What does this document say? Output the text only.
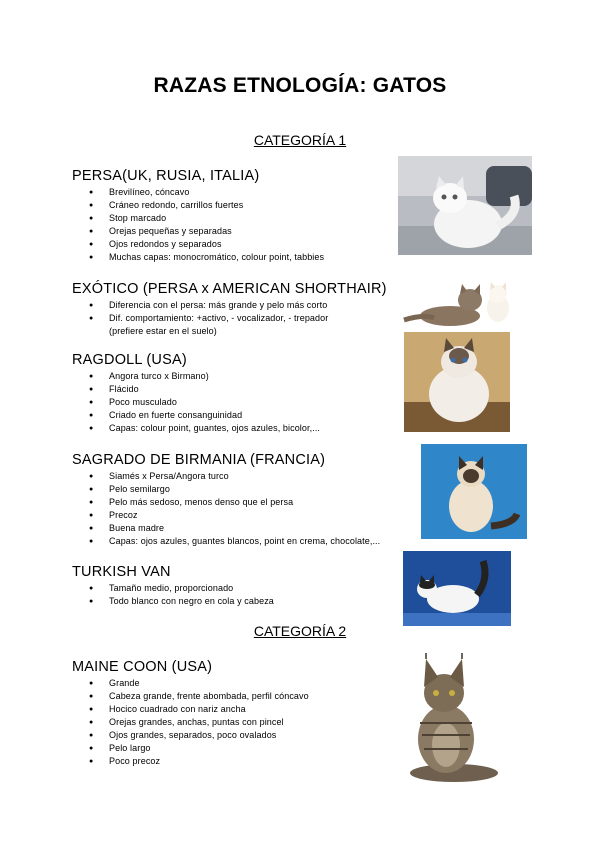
RAZAS ETNOLOGÍA: GATOS

CATEGORÍA 1

PERSA(UK, RUSIA, ITALIA)
● Brevilíneo, cóncavo
● Cráneo redondo, carrillos fuertes
● Stop marcado
● Orejas pequeñas y separadas
● Ojos redondos y separados
● Muchas capas: monocromático, colour point, tabbies
EXÓTICO (PERSA x AMERICAN SHORTHAIR)
● Diferencia con el persa: más grande y pelo más corto
● Dif. comportamiento: +activo, - vocalizador, - trepador
(prefiere estar en el suelo)
RAGDOLL (USA)
● Angora turco x Birmano)
● Flácido
● Poco musculado
● Criado en fuerte consanguinidad
● Capas: colour point, guantes, ojos azules, bicolor,...
SAGRADO DE BIRMANIA (FRANCIA)
● Siamés x Persa/Angora turco
● Pelo semilargo
● Pelo más sedoso, menos denso que el persa
● Precoz
● Buena madre
● Capas: ojos azules, guantes blancos, point en crema, chocolate,...
TURKISH VAN
● Tamaño medio, proporcionado
● Todo blanco con negro en cola y cabeza

CATEGORÍA 2

MAINE COON (USA)
● Grande
● Cabeza grande, frente abombada, perfil cóncavo
● Hocico cuadrado con nariz ancha
● Orejas grandes, anchas, puntas con pincel
● Ojos grandes, separados, poco ovalados
● Pelo largo
● Poco precoz
